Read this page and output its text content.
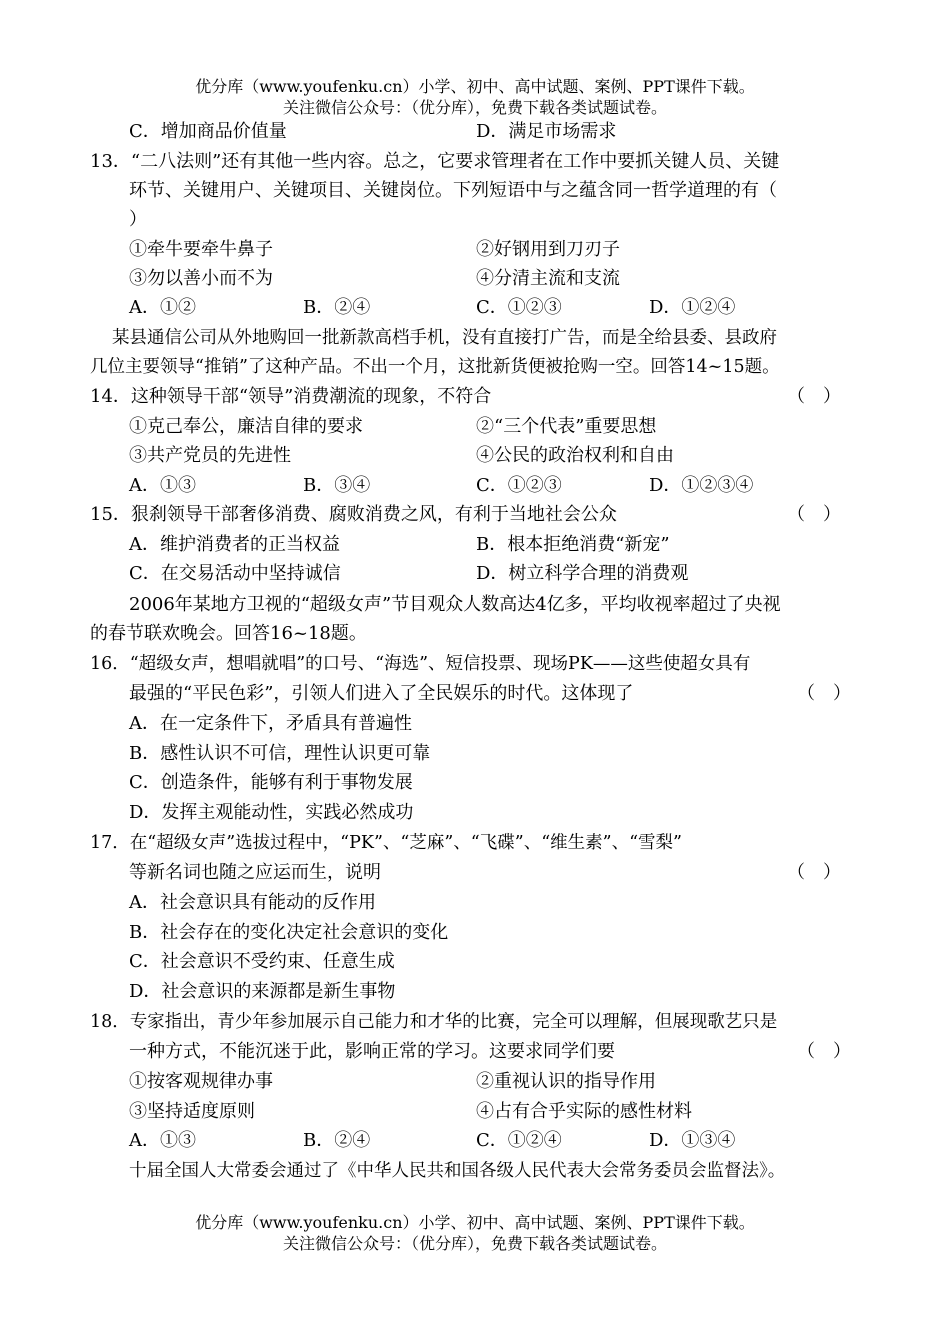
优分库（www.youfenku.cn）小学、初中、高中试题、案例、PPT课件下载。
关注微信公众号：（优分库），免费下载各类试题试卷。
C．增加商品价值量	D．满足市场需求
13．“二八法则”还有其他一些内容。总之，它要求管理者在工作中要抓关键人员、关键
环节、关键用户、关键项目、关键岗位。下列短语中与之蕴含同一哲学道理的有（
）
①牵牛要牵牛鼻子	②好钢用到刀刃子
③勿以善小而不为	④分清主流和支流
A．①②	B．②④	C．①②③	D．①②④
某县通信公司从外地购回一批新款高档手机，没有直接打广告，而是全给县委、县政府
几位主要领导“推销”了这种产品。不出一个月，这批新货便被抢购一空。回答14~15题。
14．这种领导干部“领导”消费潮流的现象，不符合	（　）
①克己奉公，廉洁自律的要求	②“三个代表”重要思想
③共产党员的先进性	④公民的政治权利和自由
A．①③	B．③④	C．①②③	D．①②③④
15．狠刹领导干部奢侈消费、腐败消费之风，有利于当地社会公众	（　）
A．维护消费者的正当权益	B．根本拒绝消费“新宠”
C．在交易活动中坚持诚信	D．树立科学合理的消费观
2006年某地方卫视的“超级女声”节目观众人数高达4亿多，平均收视率超过了央视
的春节联欢晚会。回答16~18题。
16．“超级女声，想唱就唱”的口号、“海选”、短信投票、现场PK——这些使超女具有
最强的“平民色彩”，引领人们进入了全民娱乐的时代。这体现了	（　）
A．在一定条件下，矛盾具有普遍性
B．感性认识不可信，理性认识更可靠
C．创造条件，能够有利于事物发展
D．发挥主观能动性，实践必然成功
17．在“超级女声”选拔过程中，“PK”、“芝麻”、“飞碟”、“维生素”、“雪梨”
等新名词也随之应运而生，说明	（　）
A．社会意识具有能动的反作用
B．社会存在的变化决定社会意识的变化
C．社会意识不受约束、任意生成
D．社会意识的来源都是新生事物
18．专家指出，青少年参加展示自己能力和才华的比赛，完全可以理解，但展现歌艺只是
一种方式，不能沉迷于此，影响正常的学习。这要求同学们要	（　）
①按客观规律办事	②重视认识的指导作用
③坚持适度原则	④占有合乎实际的感性材料
A．①③	B．②④	C．①②④	D．①③④
十届全国人大常委会通过了《中华人民共和国各级人民代表大会常务委员会监督法》。
优分库（www.youfenku.cn）小学、初中、高中试题、案例、PPT课件下载。
关注微信公众号：（优分库），免费下载各类试题试卷。
